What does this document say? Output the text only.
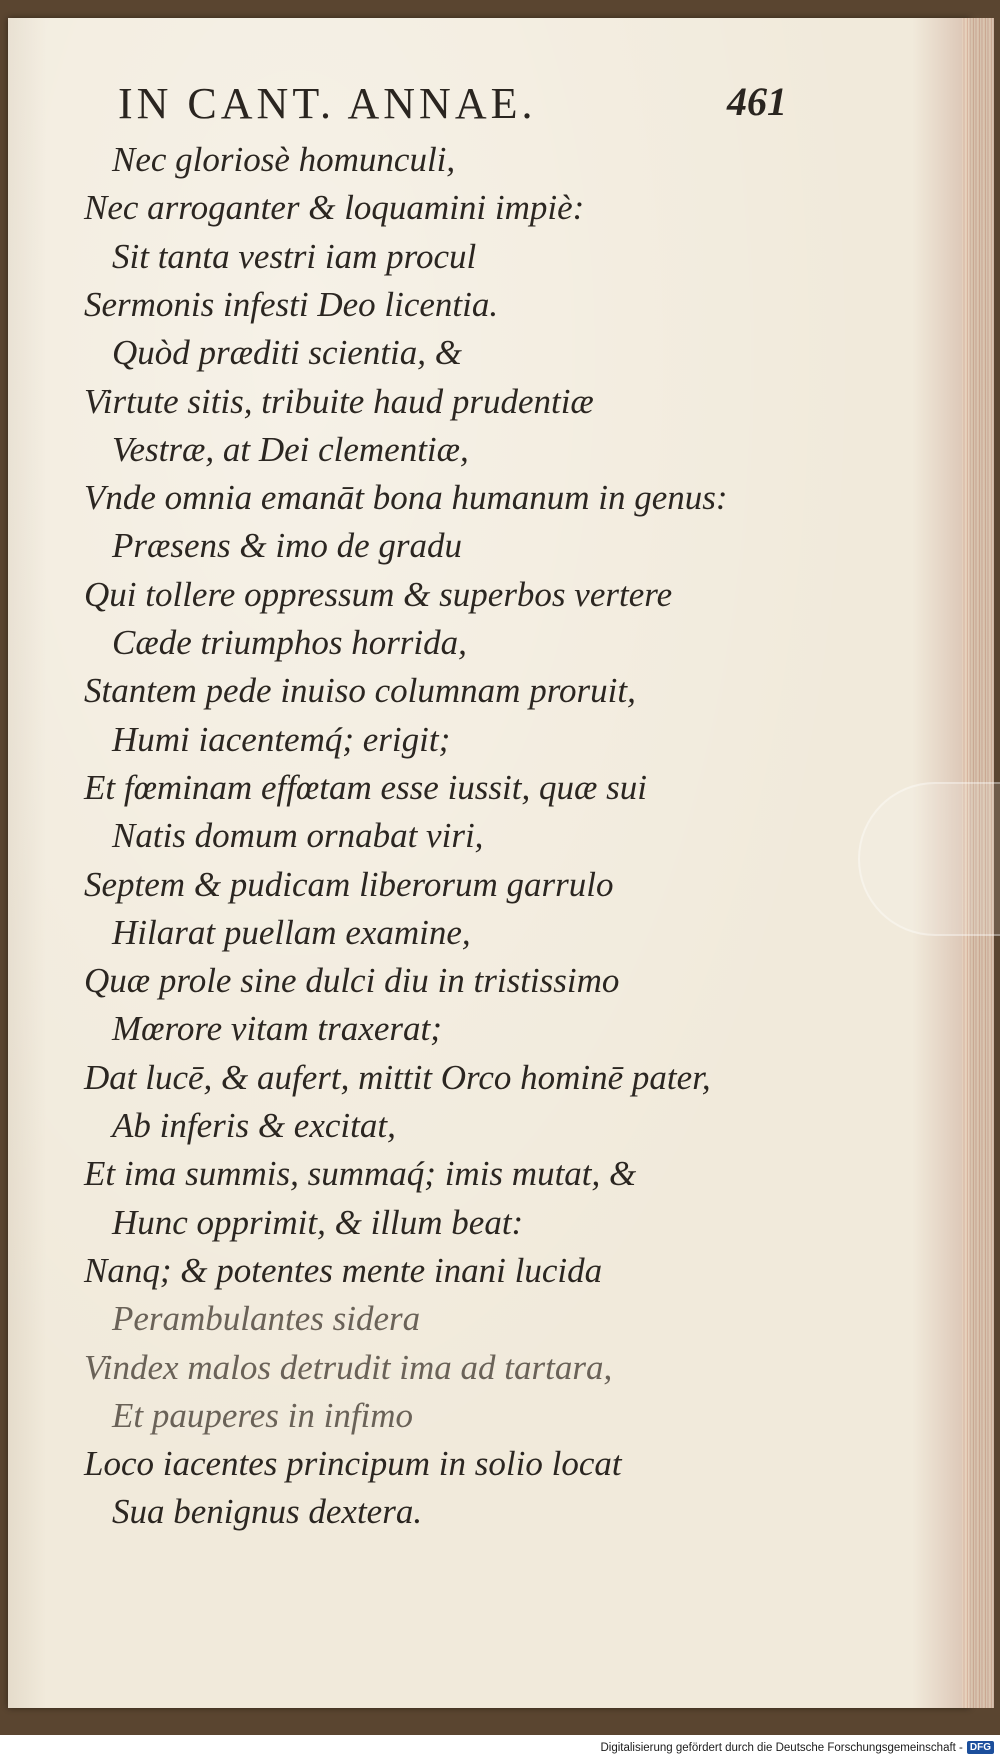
IN CANT. ANNAE.	461
Nec gloriosè homunculi,
Nec arroganter & loquamini impiè:
Sit tanta vestri iam procul
Sermonis infesti Deo licentia.
Quòd præditi scientia, &
Virtute sitis, tribuite haud prudentiæ
Vestræ, at Dei clementiæ,
Vnde omnia emanāt bona humanum in genus:
Præsens & imo de gradu
Qui tollere oppressum & superbos vertere
Cæde triumphos horrida,
Stantem pede inuiso columnam proruit,
Humi iacentemq́; erigit;
Et fœminam effœtam esse iussit, quæ sui
Natis domum ornabat viri,
Septem & pudicam liberorum garrulo
Hilarat puellam examine,
Quæ prole sine dulci diu in tristissimo
Mœrore vitam traxerat;
Dat lucē, & aufert, mittit Orco hominē pater,
Ab inferis & excitat,
Et ima summis, summaq́; imis mutat, &
Hunc opprimit, & illum beat:
Nanq; & potentes mente inani lucida
Perambulantes sidera
Vindex malos detrudit ima ad tartara,
Et pauperes in infimo
Loco iacentes principum in solio locat
Sua benignus dextera.
Digitalisierung gefördert durch die Deutsche Forschungsgemeinschaft - DFG
